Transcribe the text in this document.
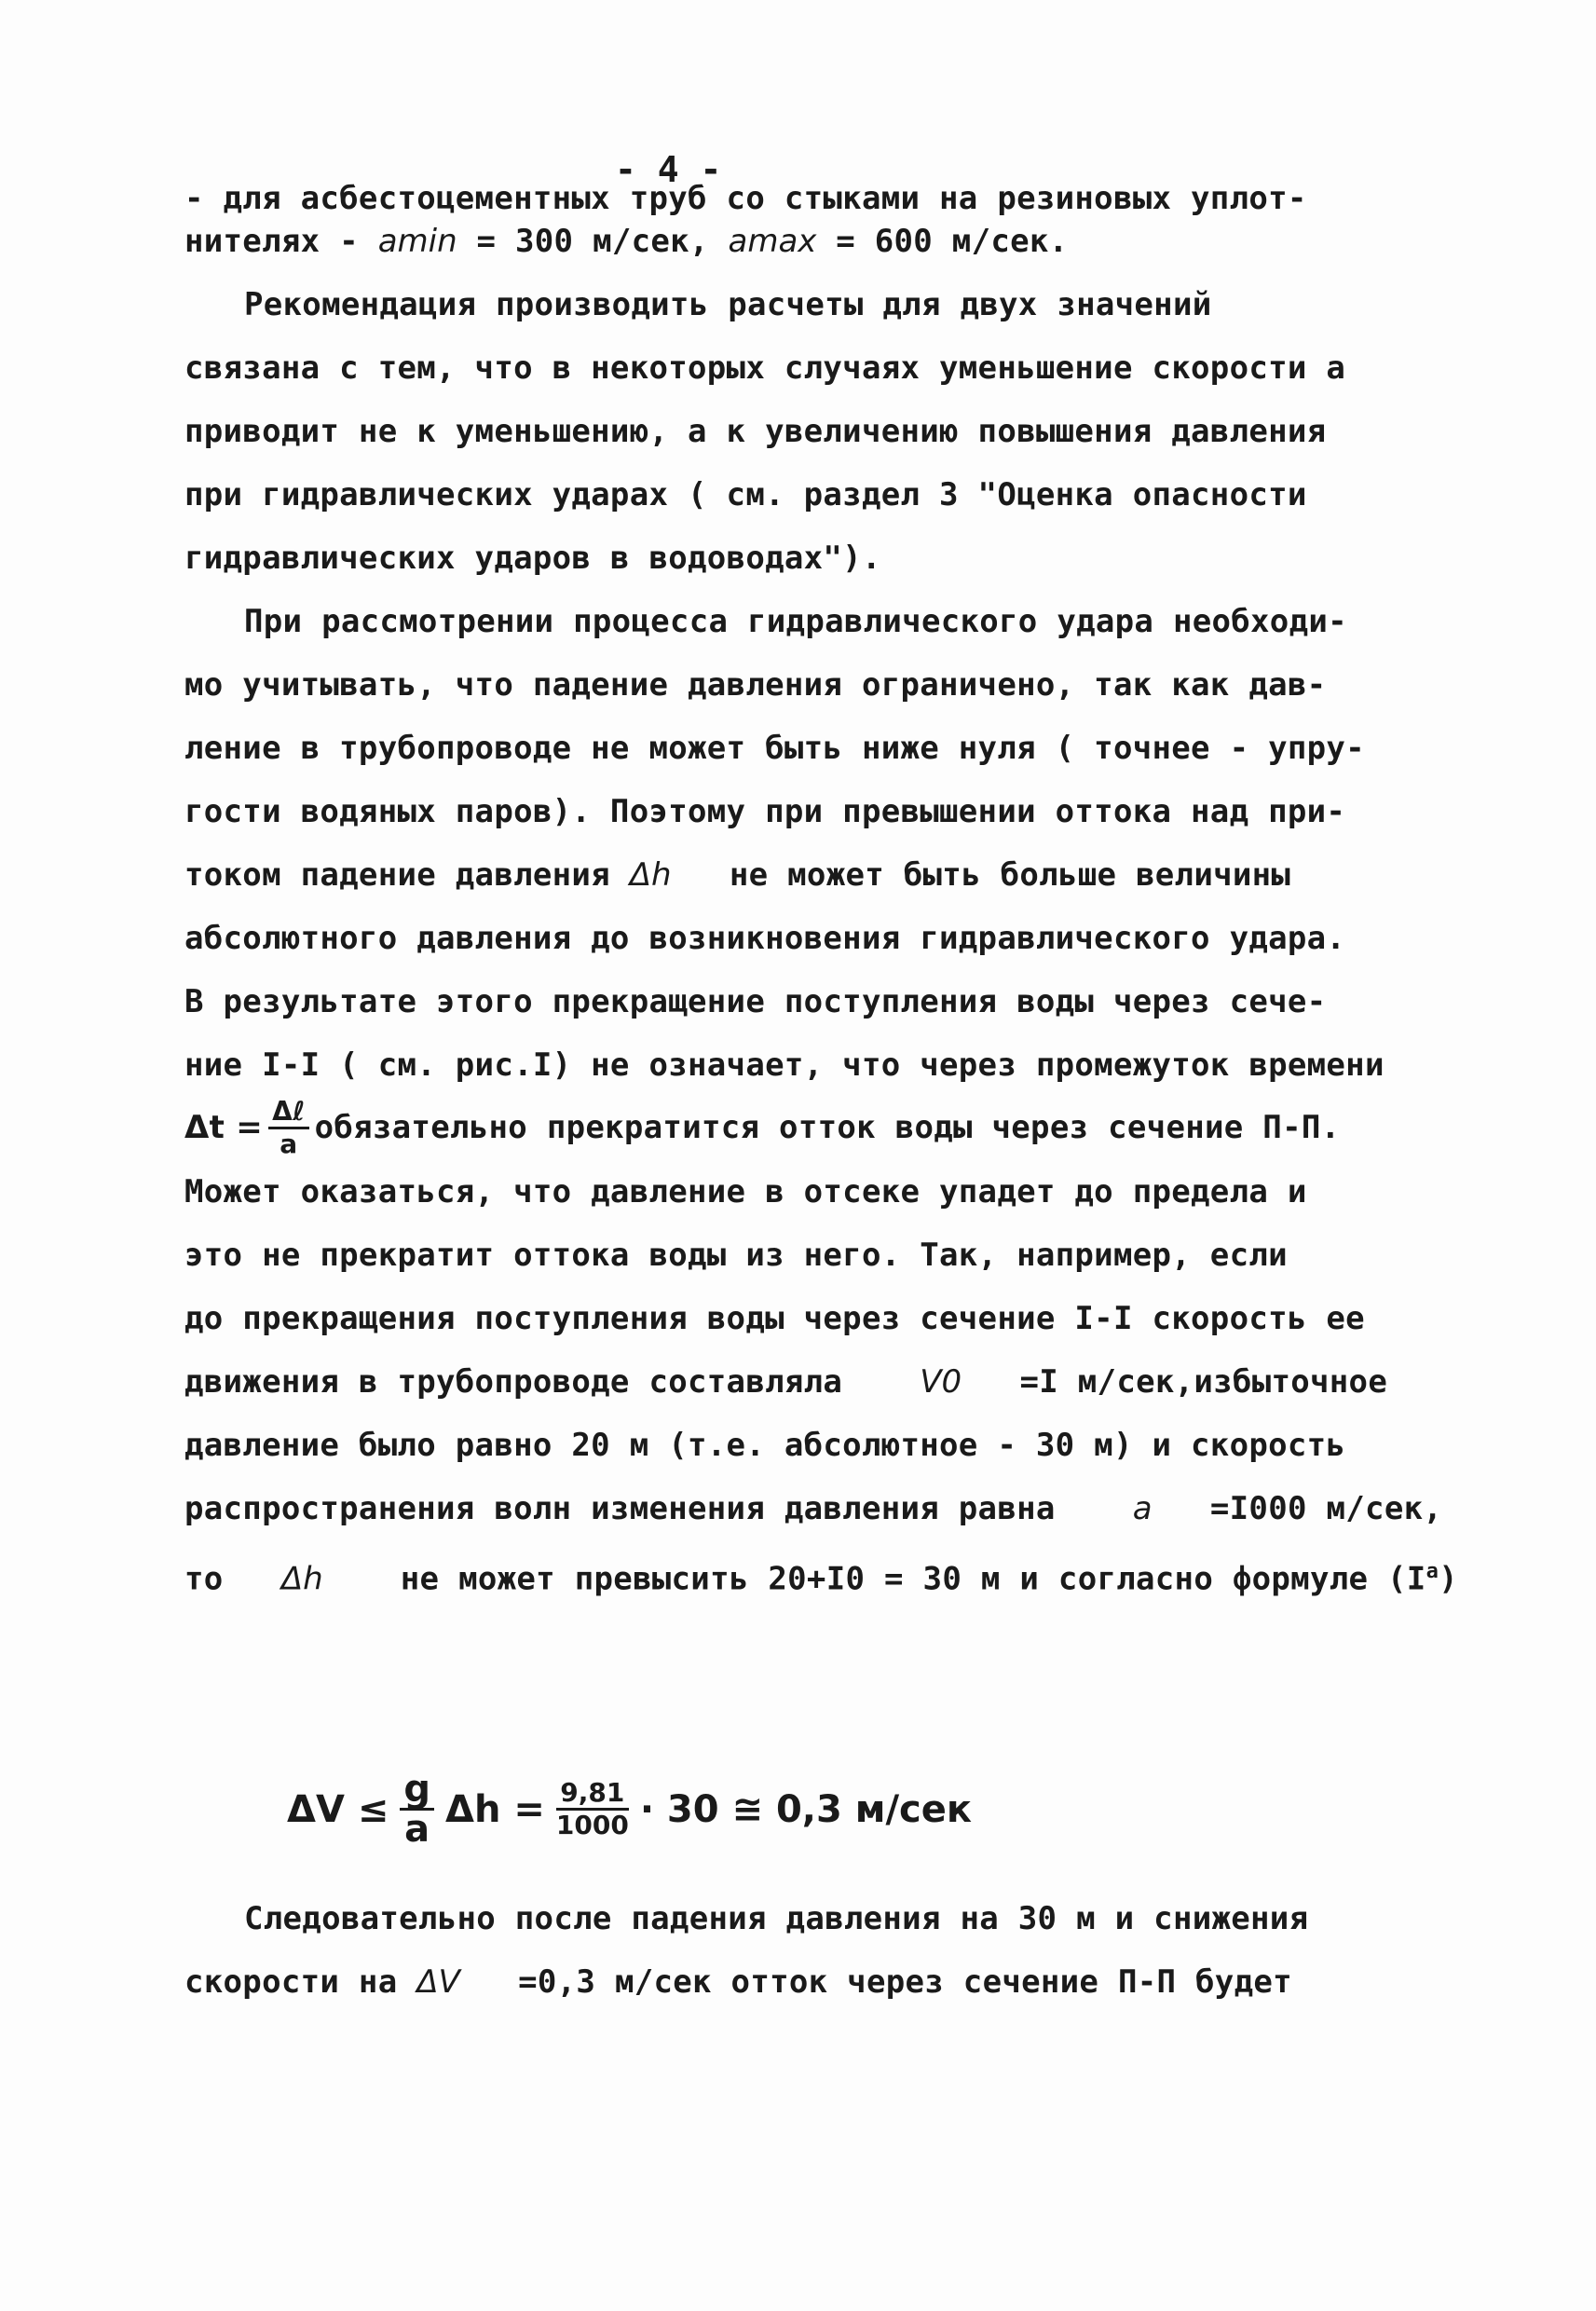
- 4 -
- для асбестоцементных труб со стыками на резиновых уплот-
нителях - amin = 300 м/сек, amax = 600 м/сек.
Рекомендация производить расчеты для двух значений
связана с тем, что в некоторых случаях уменьшение скорости a
приводит не к уменьшению, а к увеличению повышения давления
при гидравлических ударах ( см. раздел 3 "Оценка опасности
гидравлических ударов в водоводах").
При рассмотрении процесса гидравлического удара необходи-
мо учитывать, что падение давления ограничено, так как дав-
ление в трубопроводе не может быть ниже нуля ( точнее - упру-
гости водяных паров). Поэтому при превышении оттока над при-
током падение давления Δh не может быть больше величины
абсолютного давления до возникновения гидравлического удара.
В результате этого прекращение поступления воды через сече-
ние I-I ( см. рис.I) не означает, что через промежуток времени
$\Delta t = \frac{\text{Δℓ}}{a}$ обязательно прекратится отток воды через сечение П-П.
Может оказаться, что давление в отсеке упадет до предела и
это не прекратит оттока воды из него. Так, например, если
до прекращения поступления воды через сечение I-I скорость ее
движения в трубопроводе составляла V0 =I м/сек,избыточное
давление было равно 20 м (т.е. абсолютное - 30 м) и скорость
распространения волн изменения давления равна a =I000 м/сек,
то Δh не может превысить 20+I0 = 30 м и согласно формуле $(I^a)$
$\Delta V \le \frac{g}{a}$ $\Delta h = \frac{9,81}{1000} \cdot 30$ ≅ 0,3 м/сек
Следовательно после падения давления на 30 м и снижения
скорости на ΔV =0,3 м/сек отток через сечение П-П будет
